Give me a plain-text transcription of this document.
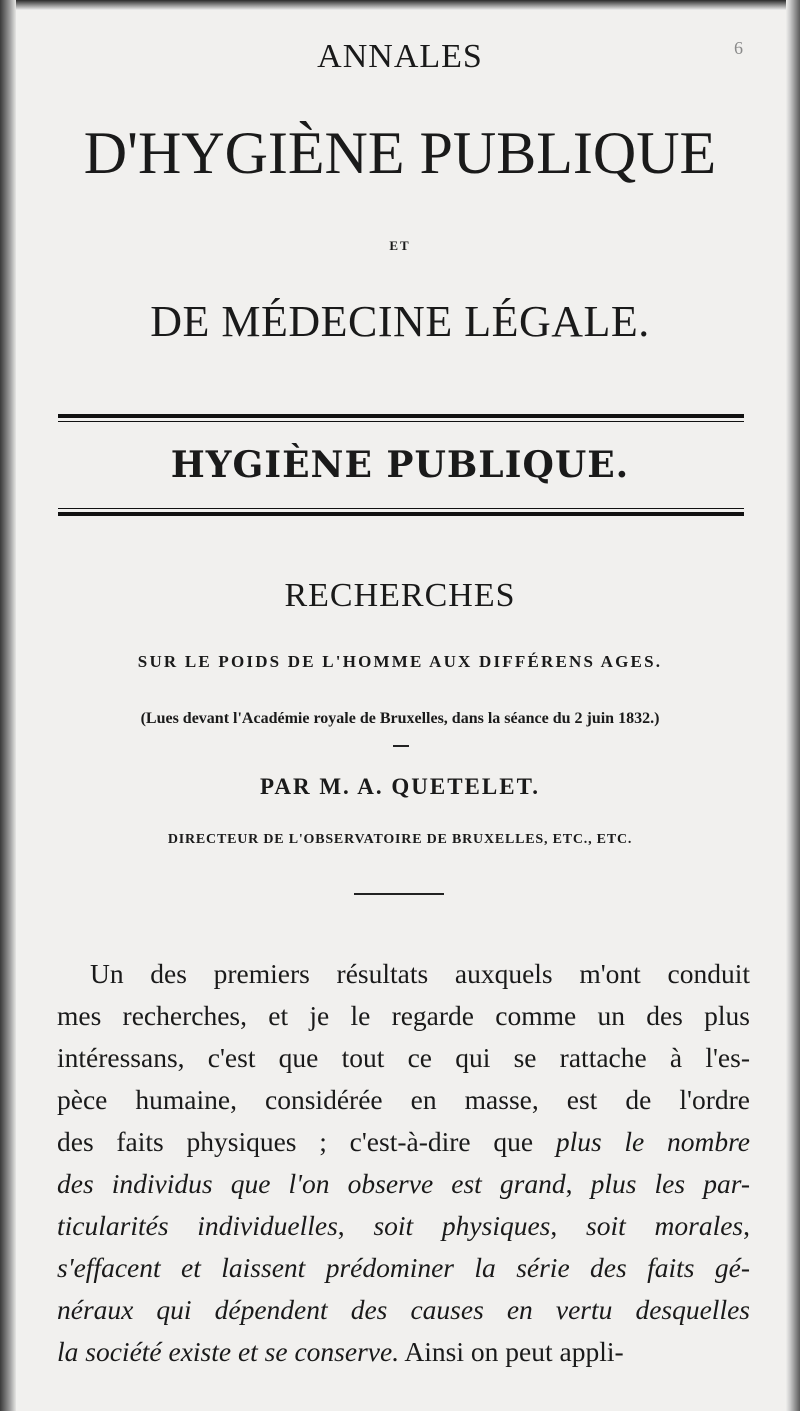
6
ANNALES
D'HYGIÈNE PUBLIQUE
ET
DE MÉDECINE LÉGALE.
HYGIÈNE PUBLIQUE.
RECHERCHES
SUR LE POIDS DE L'HOMME AUX DIFFÉRENS AGES.
(Lues devant l'Académie royale de Bruxelles, dans la séance du 2 juin 1832.)
PAR M. A. QUETELET.
DIRECTEUR DE L'OBSERVATOIRE DE BRUXELLES, ETC., ETC.
Un des premiers résultats auxquels m'ont conduit
mes recherches, et je le regarde comme un des plus
intéressans, c'est que tout ce qui se rattache à l'es-
pèce humaine, considérée en masse, est de l'ordre
des faits physiques ; c'est-à-dire que plus le nombre
des individus que l'on observe est grand, plus les par-
ticularités individuelles, soit physiques, soit morales,
s'effacent et laissent prédominer la série des faits gé-
néraux qui dépendent des causes en vertu desquelles
la société existe et se conserve. Ainsi on peut appli-
